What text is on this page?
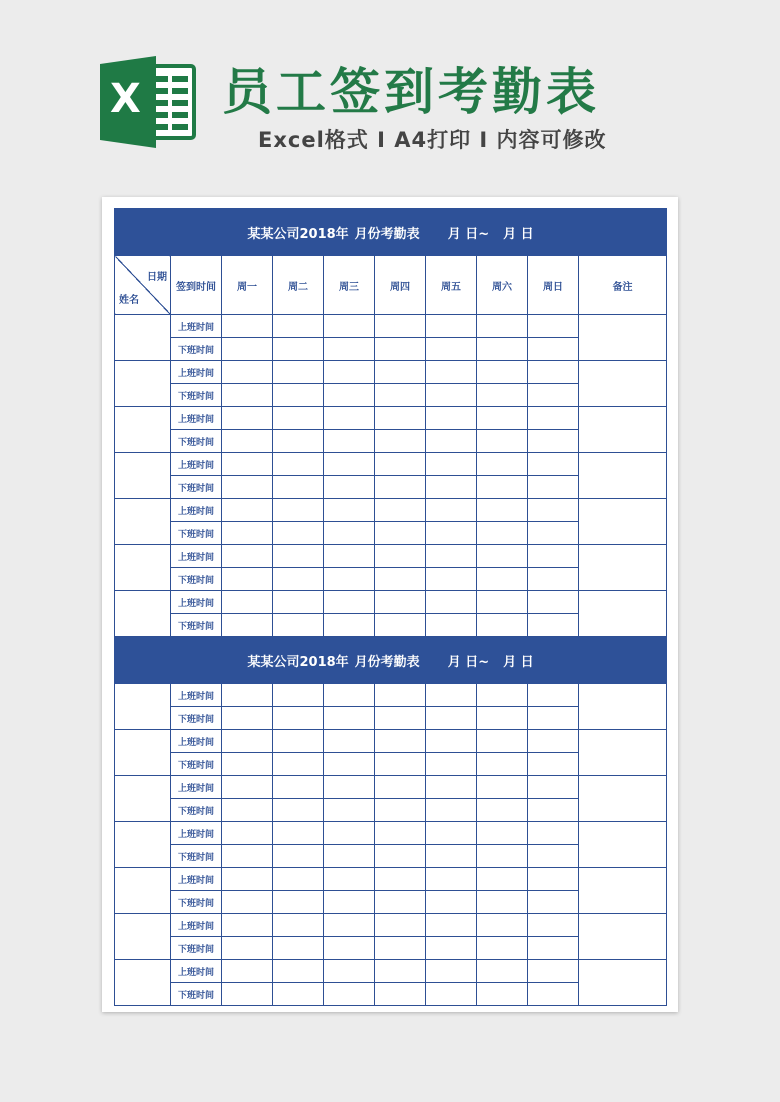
X 员工签到考勤表
Excel格式 I A4打印 I 内容可修改
某某公司2018年 月份考勤表 月 日~ 月 日									

日期
姓名	签到时间	周一	周二	周三	周四	周五	周六	周日	备注
	上班时间								
	下班时间								
	上班时间								
	下班时间								
	上班时间								
	下班时间								
	上班时间								
	下班时间								
	上班时间								
	下班时间								
	上班时间								
	下班时间								
	上班时间								
	下班时间								
某某公司2018年 月份考勤表 月 日~ 月 日									
	上班时间								
	下班时间								
	上班时间								
	下班时间								
	上班时间								
	下班时间								
	上班时间								
	下班时间								
	上班时间								
	下班时间								
	上班时间								
	下班时间								
	上班时间								
	下班时间								
